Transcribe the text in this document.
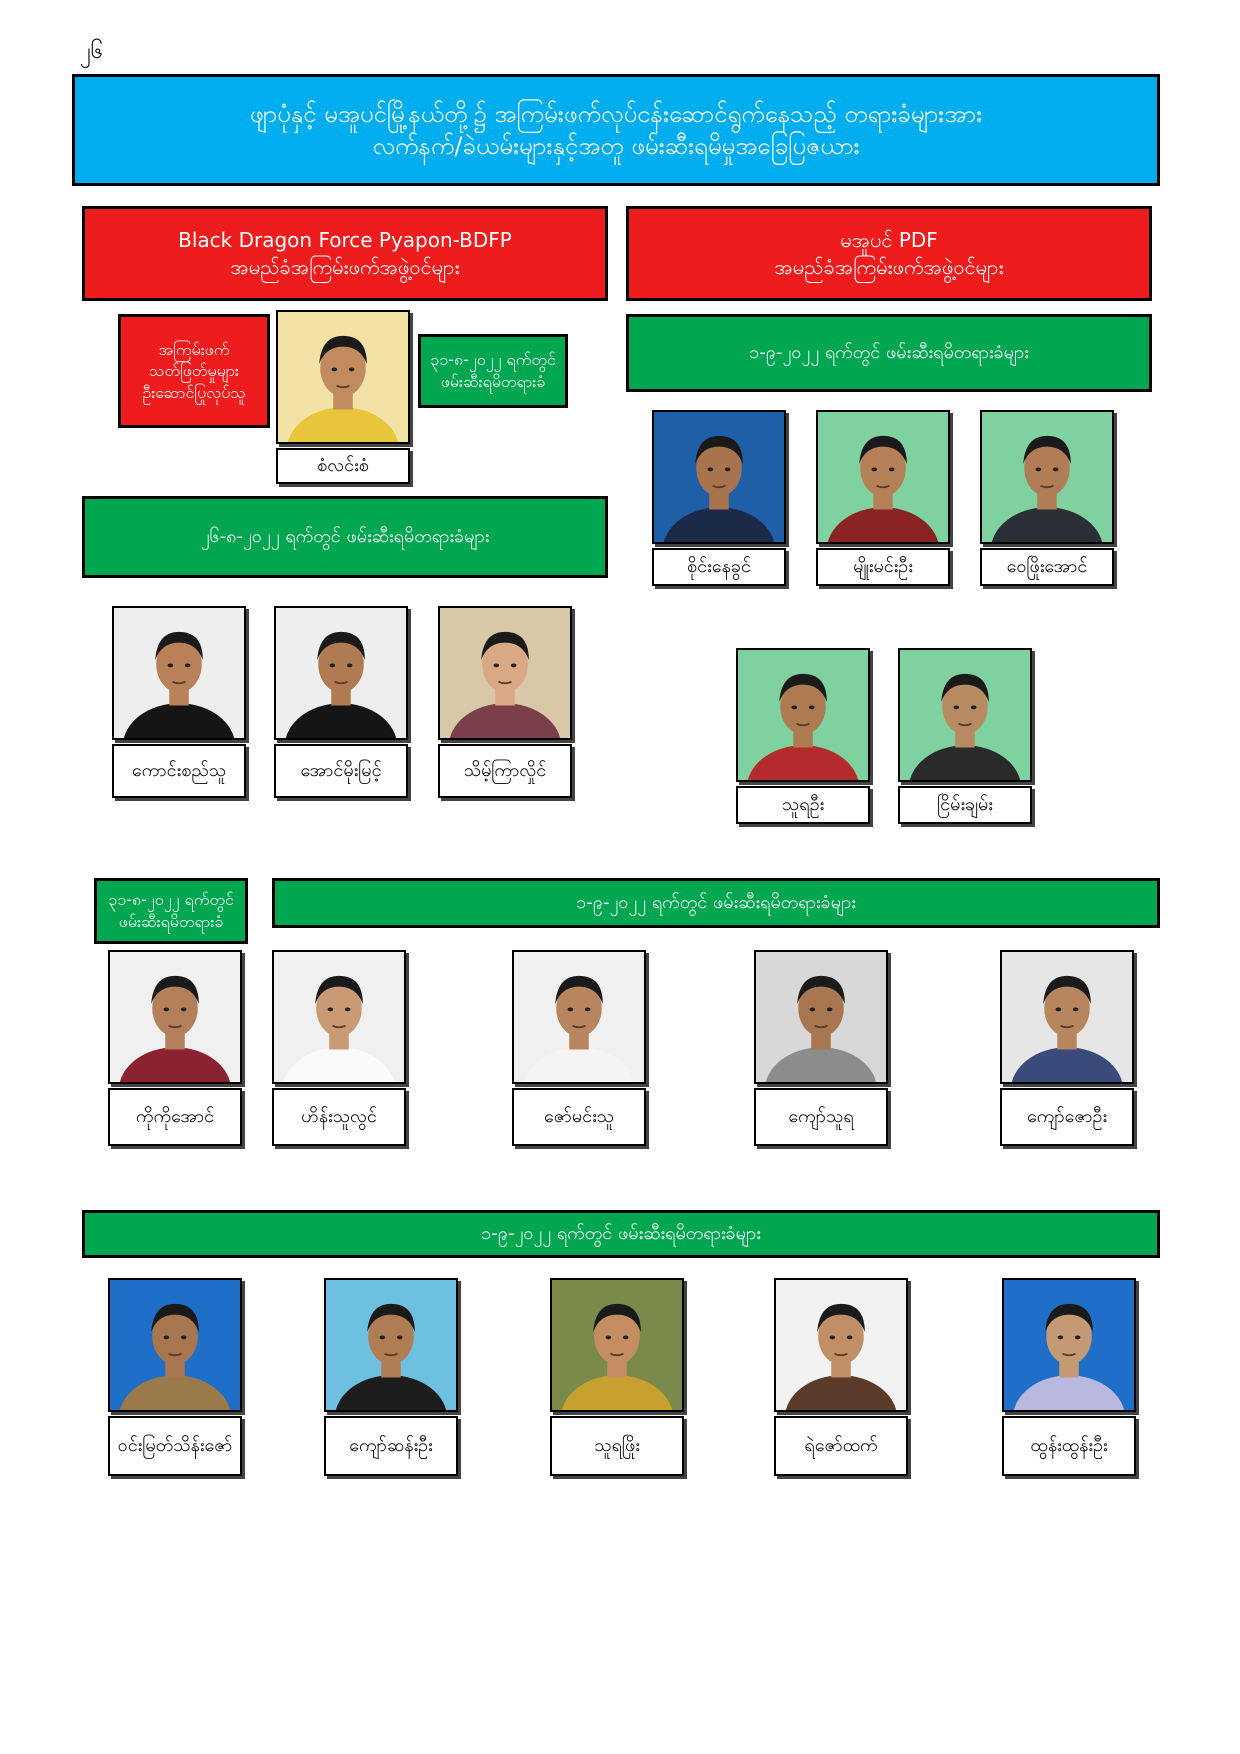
၂၆
ဖျာပုံနှင့် မအူပင်မြို့နယ်တို့၌ အကြမ်းဖက်လုပ်ငန်းဆောင်ရွက်နေသည့် တရားခံများအား
လက်နက်/ခဲယမ်းများနှင့်အတူ ဖမ်းဆီးရမိမှုအခြေပြဇယား
Black Dragon Force Pyapon-BDFP
အမည်ခံအကြမ်းဖက်အဖွဲ့ဝင်များ
မအူပင် PDF
အမည်ခံအကြမ်းဖက်အဖွဲ့ဝင်များ
အကြမ်းဖက်
သတ်ဖြတ်မှုများ
ဦးဆောင်ပြုလုပ်သူ
စံလင်းစံ
၃၁-၈-၂၀၂၂ ရက်တွင်
ဖမ်းဆီးရမိတရားခံ
၂၆-၈-၂၀၂၂ ရက်တွင် ဖမ်းဆီးရမိတရားခံများ
ကောင်းစည်သူ	အောင်မိုးမြင့်	သိမ့်ကြာလှိုင်
၁-၉-၂၀၂၂ ရက်တွင် ဖမ်းဆီးရမိတရားခံများ
စိုင်းနေခွင်	မျိုးမင်းဦး	ဝေဖြိုးအောင်
သူရဦး	ငြိမ်းချမ်း
၃၁-၈-၂၀၂၂ ရက်တွင်
ဖမ်းဆီးရမိတရားခံ
၁-၉-၂၀၂၂ ရက်တွင် ဖမ်းဆီးရမိတရားခံများ
ကိုကိုအောင်	ဟိန်းသူလွင်	ဇော်မင်းသူ	ကျော်သူရ	ကျော်ဇောဦး
၁-၉-၂၀၂၂ ရက်တွင် ဖမ်းဆီးရမိတရားခံများ
ဝင်းမြတ်သိန်းဇော်	ကျော်ဆန်းဦး	သူရဖြိုး	ရဲဇော်ထက်	ထွန်းထွန်းဦး
